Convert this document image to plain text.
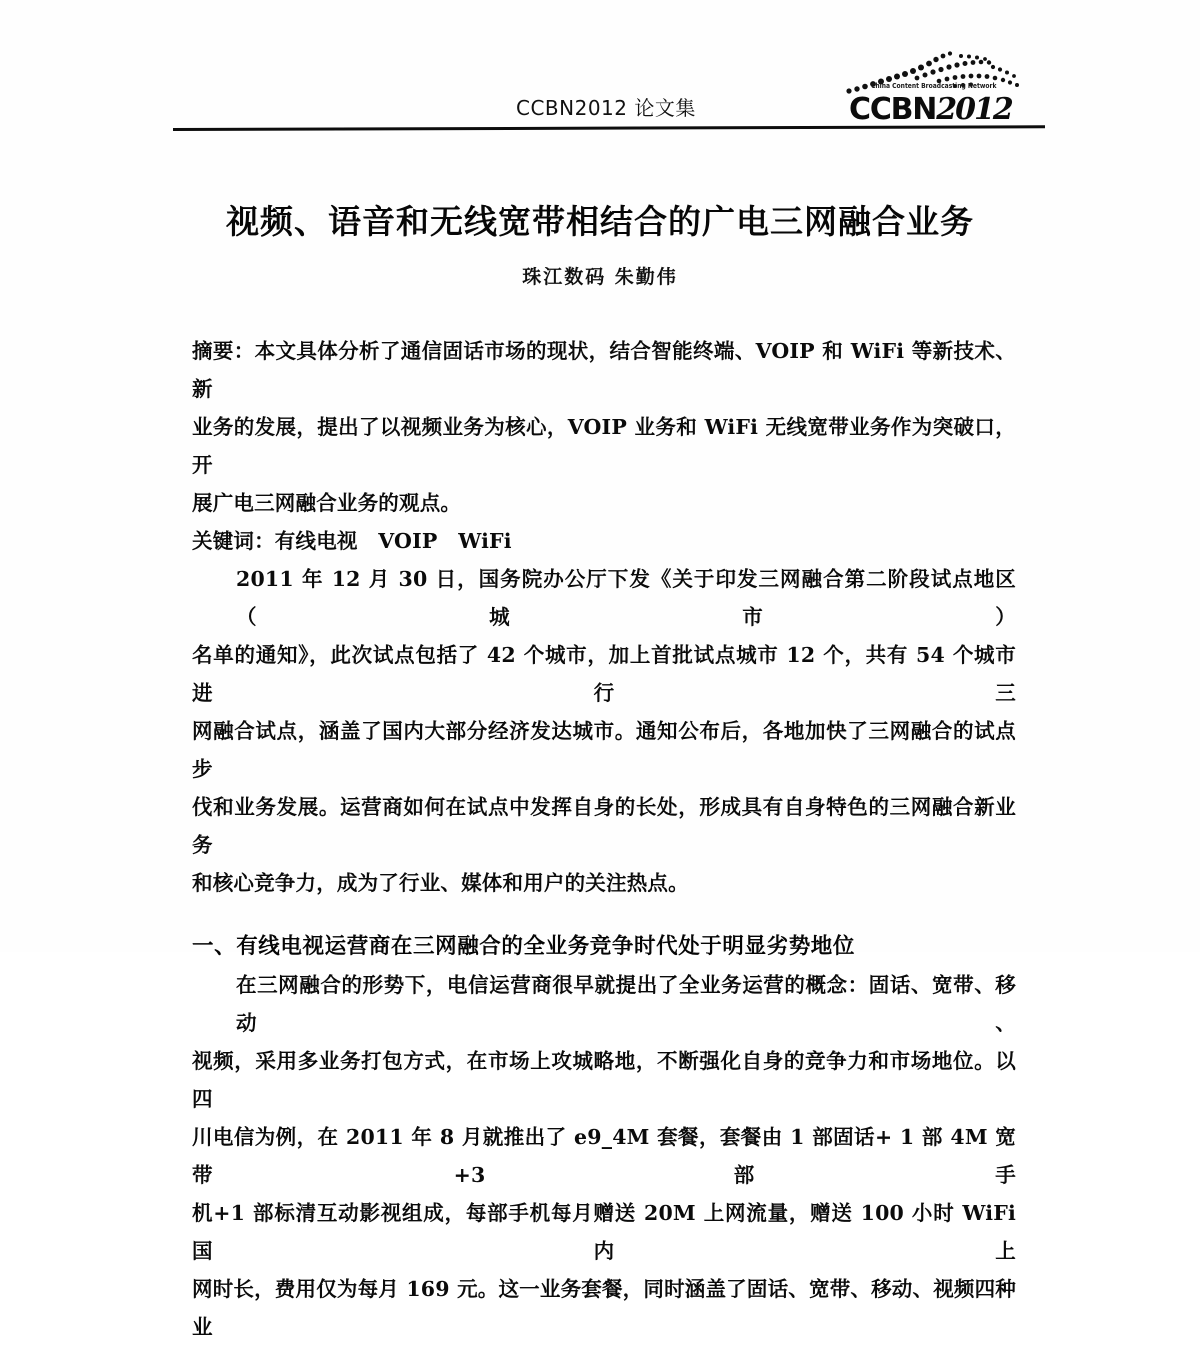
CCBN2012 论文集
China Content Broadcasting Network
CCBN2012
视频、语音和无线宽带相结合的广电三网融合业务
珠江数码 朱勤伟
摘要：本文具体分析了通信固话市场的现状，结合智能终端、VOIP 和 WiFi 等新技术、新
业务的发展，提出了以视频业务为核心，VOIP 业务和 WiFi 无线宽带业务作为突破口，开
展广电三网融合业务的观点。
关键词：有线电视　VOIP　WiFi
2011 年 12 月 30 日，国务院办公厅下发《关于印发三网融合第二阶段试点地区（城市）
名单的通知》，此次试点包括了 42 个城市，加上首批试点城市 12 个，共有 54 个城市进行三
网融合试点，涵盖了国内大部分经济发达城市。通知公布后，各地加快了三网融合的试点步
伐和业务发展。运营商如何在试点中发挥自身的长处，形成具有自身特色的三网融合新业务
和核心竞争力，成为了行业、媒体和用户的关注热点。
一、有线电视运营商在三网融合的全业务竞争时代处于明显劣势地位
在三网融合的形势下，电信运营商很早就提出了全业务运营的概念：固话、宽带、移动、
视频，采用多业务打包方式，在市场上攻城略地，不断强化自身的竞争力和市场地位。以四
川电信为例，在 2011 年 8 月就推出了 e9_4M 套餐，套餐由 1 部固话+ 1 部 4M 宽带+3 部手
机+1 部标清互动影视组成，每部手机每月赠送 20M 上网流量，赠送 100 小时 WiFi 国内上
网时长，费用仅为每月 169 元。这一业务套餐，同时涵盖了固话、宽带、移动、视频四种业
